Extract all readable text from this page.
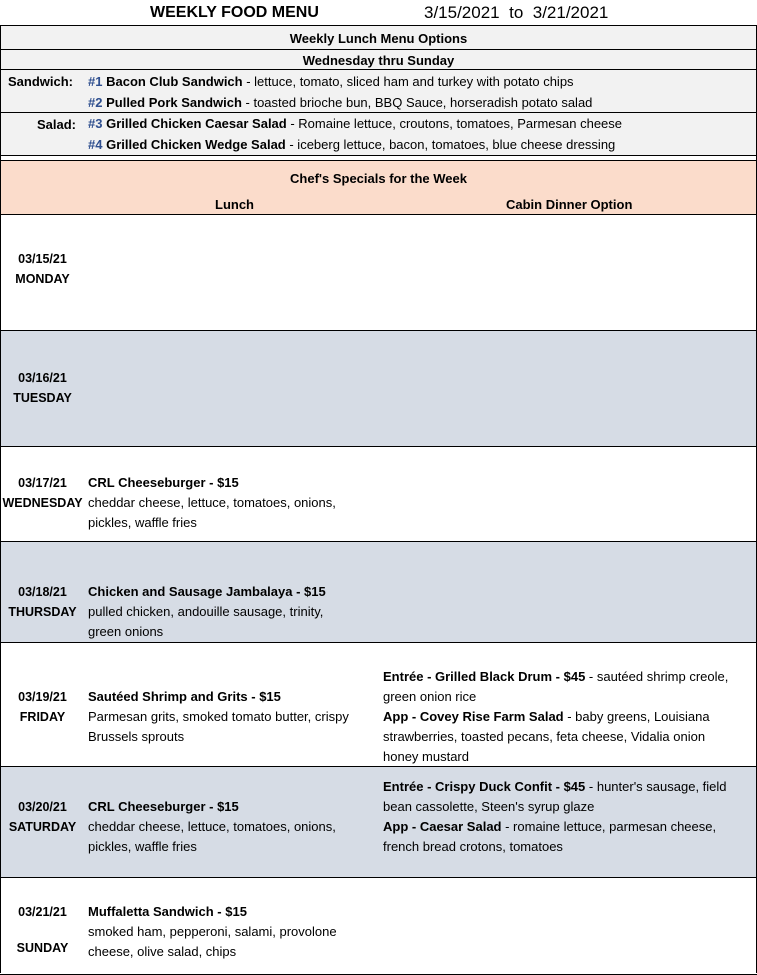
WEEKLY FOOD MENU	3/15/2021 to 3/21/2021
Weekly Lunch Menu Options
Wednesday thru Sunday
Sandwich:
Salad:
#1 Bacon Club Sandwich - lettuce, tomato, sliced ham and turkey with potato chips
#2 Pulled Pork Sandwich - toasted brioche bun, BBQ Sauce, horseradish potato salad
#3 Grilled Chicken Caesar Salad - Romaine lettuce, croutons, tomatoes, Parmesan cheese
#4 Grilled Chicken Wedge Salad - iceberg lettuce, bacon, tomatoes, blue cheese dressing
Chef's Specials for the Week
Lunch	Cabin Dinner Option
03/15/21
MONDAY
03/16/21
TUESDAY
03/17/21
WEDNESDAY
CRL Cheeseburger - $15
cheddar cheese, lettuce, tomatoes, onions,
pickles, waffle fries
03/18/21
THURSDAY
Chicken and Sausage Jambalaya - $15
pulled chicken, andouille sausage, trinity,
green onions
03/19/21
FRIDAY
Sautéed Shrimp and Grits - $15
Parmesan grits, smoked tomato butter, crispy
Brussels sprouts
Entrée - Grilled Black Drum - $45 - sautéed shrimp creole,
green onion rice
App - Covey Rise Farm Salad - baby greens, Louisiana
strawberries, toasted pecans, feta cheese, Vidalia onion
honey mustard
03/20/21
SATURDAY
CRL Cheeseburger - $15
cheddar cheese, lettuce, tomatoes, onions,
pickles, waffle fries
Entrée - Crispy Duck Confit - $45 - hunter's sausage, field
bean cassolette, Steen's syrup glaze
App - Caesar Salad - romaine lettuce, parmesan cheese,
french bread crotons, tomatoes
03/21/21
SUNDAY
Muffaletta Sandwich - $15
smoked ham, pepperoni, salami, provolone
cheese, olive salad, chips
